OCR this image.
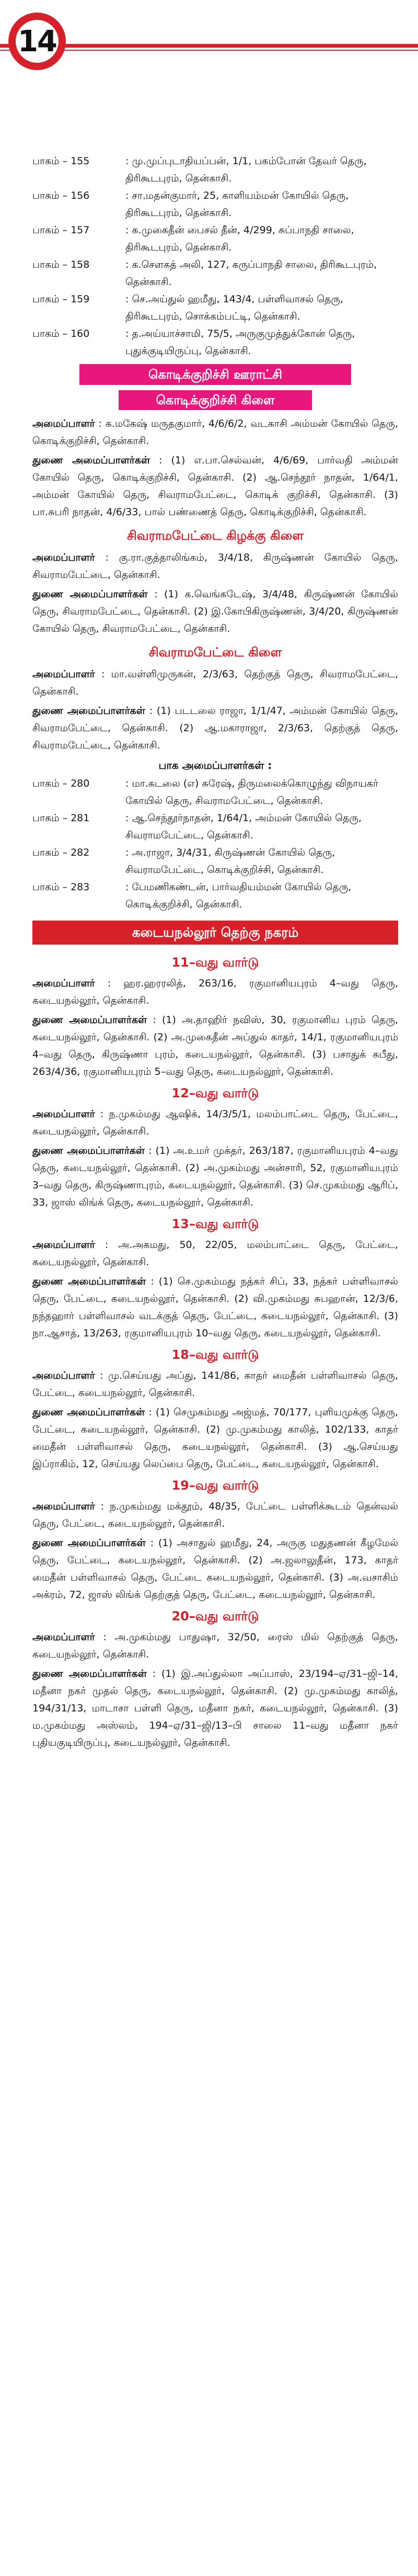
14
பாகம் – 155	: மு.முப்புடாதியப்பன், 1/1, பகம்போன் தேவர் தெரு, திரிகூடபுரம், தென்காசி.
பாகம் – 156	: சா.மதன்குமார், 25, காளியம்மன் கோயில் தெரு, திரிகூடபுரம், தென்காசி.
பாகம் – 157	: க.முகைதீன் பைசல் தீன், 4/299, சுப்பாநதி சாலை, திரிகூடபுரம், தென்காசி.
பாகம் – 158	: க.சௌகத் அலி, 127, கருப்பாநதி சாலை, திரிகூடபுரம், தென்காசி.
பாகம் – 159	: செ.அய்துல் ஹமீது, 143/4, பள்ளிவாசல் தெரு, திரிகூடபுரம், சொக்கம்பட்டி, தென்காசி.
பாகம் – 160	: த.அய்யாச்சாமி, 75/5, அருகுமுத்துக்கோன் தெரு, புதுக்குடியிருப்பு, தென்காசி.
கொடிக்குறிச்சி ஊராட்சி
கொடிக்குறிச்சி கிளை

அமைப்பாளர் : க.மகேஷ் மருதகுமார், 4/6/6/2, வடகாசி அம்மன் கோயில் தெரு, கொடிக்குறிச்சி, தென்காசி.

துணை அமைப்பாளர்கள் : (1) எ.பா.செல்வன், 4/6/69, பார்வதி அம்மன் கோயில் தெரு, கொடிக்குறிச்சி, தென்காசி. (2) ஆ.செந்தூர் நாதன், 1/64/1, அம்மன் கோயில் தெரு, சிவராமபேட்டை, கொடிக் குறிச்சி, தென்காசி. (3) பா.சுபரி நாதன், 4/6/33, பால் பண்ணைத் தெரு, கொடிக்குறிச்சி, தென்காசி.

சிவராமபேட்டை கிழக்கு கிளை

அமைப்பாளர் : கு.ரா.குத்தாலிங்கம், 3/4/18, கிருஷ்ணன் கோயில் தெரு, சிவராமபேட்டை, தென்காசி.

துணை அமைப்பாளர்கள் : (1) க.வெங்கடேஷ், 3/4/48, கிருஷ்ணன் கோயில் தெரு, சிவராமபேட்டை, தென்காசி. (2) இ.கோபிகிருஷ்ணன், 3/4/20, கிருஷ்ணன் கோயில் தெரு, சிவராமபேட்டை, தென்காசி.

சிவராமபேட்டை கிளை

அமைப்பாளர் : மா.வள்ளிமுருகன், 2/3/63, தெற்குத் தெரு, சிவராமபேட்டை, தென்காசி.

துணை அமைப்பாளர்கள் : (1) படடலை ராஜா, 1/1/47, அம்மன் கோயில் தெரு, சிவராமபேட்டை, தென்காசி. (2) ஆ.மகாராஜா, 2/3/63, தெற்குத் தெரு, சிவராமபேட்டை, தென்காசி.

பாக அமைப்பாளர்கள் :
பாகம் – 280	: மா.கடலை (எ) சுரேஷ், திருமலைக்கொழுந்து விநாயகர் கோயில் தெரு, சிவராமபேட்டை, தென்காசி.
பாகம் – 281	: ஆ.செந்தூர்நாதன், 1/64/1, அம்மன் கோயில் தெரு, சிவராமபேட்டை, தென்காசி.
பாகம் – 282	: அ.ராஜா, 3/4/31, கிருஷ்ணன் கோயில் தெரு, சிவராமபேட்டை, கொடிக்குறிச்சி, தென்காசி.
பாகம் – 283	: பேமணிகண்டன், பார்வதியம்மன் கோயில் தெரு, கொடிக்குறிச்சி, தென்காசி.
கடையநல்லூர் தெற்கு நகரம்
11–வது வார்டு

அமைப்பாளர் : ஹர.ஹரரலித், 263/16, ரகுமானியபுரம் 4–வது தெரு, கடையநல்லூர், தென்காசி.

துணை அமைப்பாளர்கள் : (1) அ.தாஹிர் நவிஸ், 30, ரகுமானிய புரம் தெரு, கடையநல்லூர், தென்காசி. (2) அ.முகைதீன் அப்துல் காதர், 14/1, ரகுமானியபுரம் 4–வது தெரு, கிருஷ்ணா புரம், கடையநல்லூர், தென்காசி. (3) பசாதுக் கபீது, 263/4/36, ரகுமானியபுரம் 5–வது தெரு, கடையநல்லூர், தென்காசி.

12–வது வார்டு

அமைப்பாளர் : ந.முகம்மது ஆஷிக், 14/3/5/1, மலம்பாட்டை தெரு, பேட்டை, கடையநல்லூர், தென்காசி.

துணை அமைப்பாளர்கள் : (1) அ.உமர் முக்தர், 263/187, ரகுமானியபுரம் 4–வது தெரு, கடையநல்லூர், தென்காசி. (2) அ.முகம்மது அன்சாரி, 52, ரகுமானியபுரம் 3–வது தெரு, கிருஷ்ணாபுரம், கடையநல்லூர், தென்காசி. (3) செ.முகம்மது ஆரிப், 33, ஜாஸ் லிங்க் தெரு, கடையநல்லூர், தென்காசி.

13–வது வார்டு

அமைப்பாளர் : அ.அகமது, 50, 22/05, மலம்பாட்டை தெரு, பேட்டை, கடையநல்லூர், தென்காசி.

துணை அமைப்பாளர்கள் : (1) செ.முகம்மது நத்கர் சிப், 33, நத்கர் பள்ளிவாசல் தெரு, பேட்டை, கடையநல்லூர், தென்காசி. (2) வி.முகம்மது சுபஹான், 12/3/6, நந்தஹார் பள்ளிவாசல் வடக்குத் தெரு, பேட்டை, கடையநல்லூர், தென்காசி. (3) நா.ஆசாத், 13/263, ரகுமானியபுரம் 10–வது தெரு, கடையநல்லூர், தென்காசி.

18–வது வார்டு

அமைப்பாளர் : மு.செய்யது அப்து, 141/86, காதர் மைதீன் பள்ளிவாசல் தெரு, பேட்டை, கடையநல்லூர், தென்காசி.

துணை அமைப்பாளர்கள் : (1) செமுகம்மது அஜ்மத், 70/177, புளியமுக்கு தெரு, பேட்டை, கடையநல்லூர், தென்காசி. (2) மு.முகம்மது காலித், 102/133, காதர் மைதீன் பள்ளிவாசல் தெரு, கடையநல்லூர், தென்காசி. (3) ஆ.செய்யது இப்ராகிம், 12, செய்யது லெப்பை தெரு, பேட்டை, கடையநல்லூர், தென்காசி.

19–வது வார்டு

அமைப்பாளர் : ந.முகம்மது மக்தூம், 48/35, பேட்டை பள்ளிக்கூடம் தென்வல் தெரு, பேட்டை, கடையநல்லூர், தென்காசி.

துணை அமைப்பாளர்கள் : (1) அசாதுல் ஹமீது, 24, அருகு மதுதணன் கீழமேல் தெரு, பேட்டை, கடையநல்லூர், தென்காசி. (2) அ.ஜலாலுதீன், 173, காதர் மைதீன் பள்ளிவாசல் தெரு, பேட்டை கடையநல்லூர், தென்காசி. (3) அ.வசாசிம் அக்ரம், 72, ஜாஸ் லிங்க் தெற்குத் தெரு, பேட்டை, கடையநல்லூர், தென்காசி.

20–வது வார்டு

அமைப்பாளர் : அ.முகம்மது பாதுஷா, 32/50, ரைஸ் மில் தெற்குத் தெரு, கடையநல்லூர், தென்காசி.

துணை அமைப்பாளர்கள் : (1) இ.அப்துல்லா அப்பாஸ், 23/194–ஏ/31–ஜி–14, மதீனா நகர் முதல் தெரு, கடையநல்லூர், தென்காசி. (2) மு.முகம்மது காலித், 194/31/13, மாடாசா பள்ளி தெரு, மதீனா நகர், கடையநல்லூர், தென்காசி. (3) ம.முகம்மது அஸ்லம், 194–ஏ/31–ஜி/13–பி சாலை 11–வது மதீனா நகர் புதியகுடியிருப்பு, கடையநல்லூர், தென்காசி.
